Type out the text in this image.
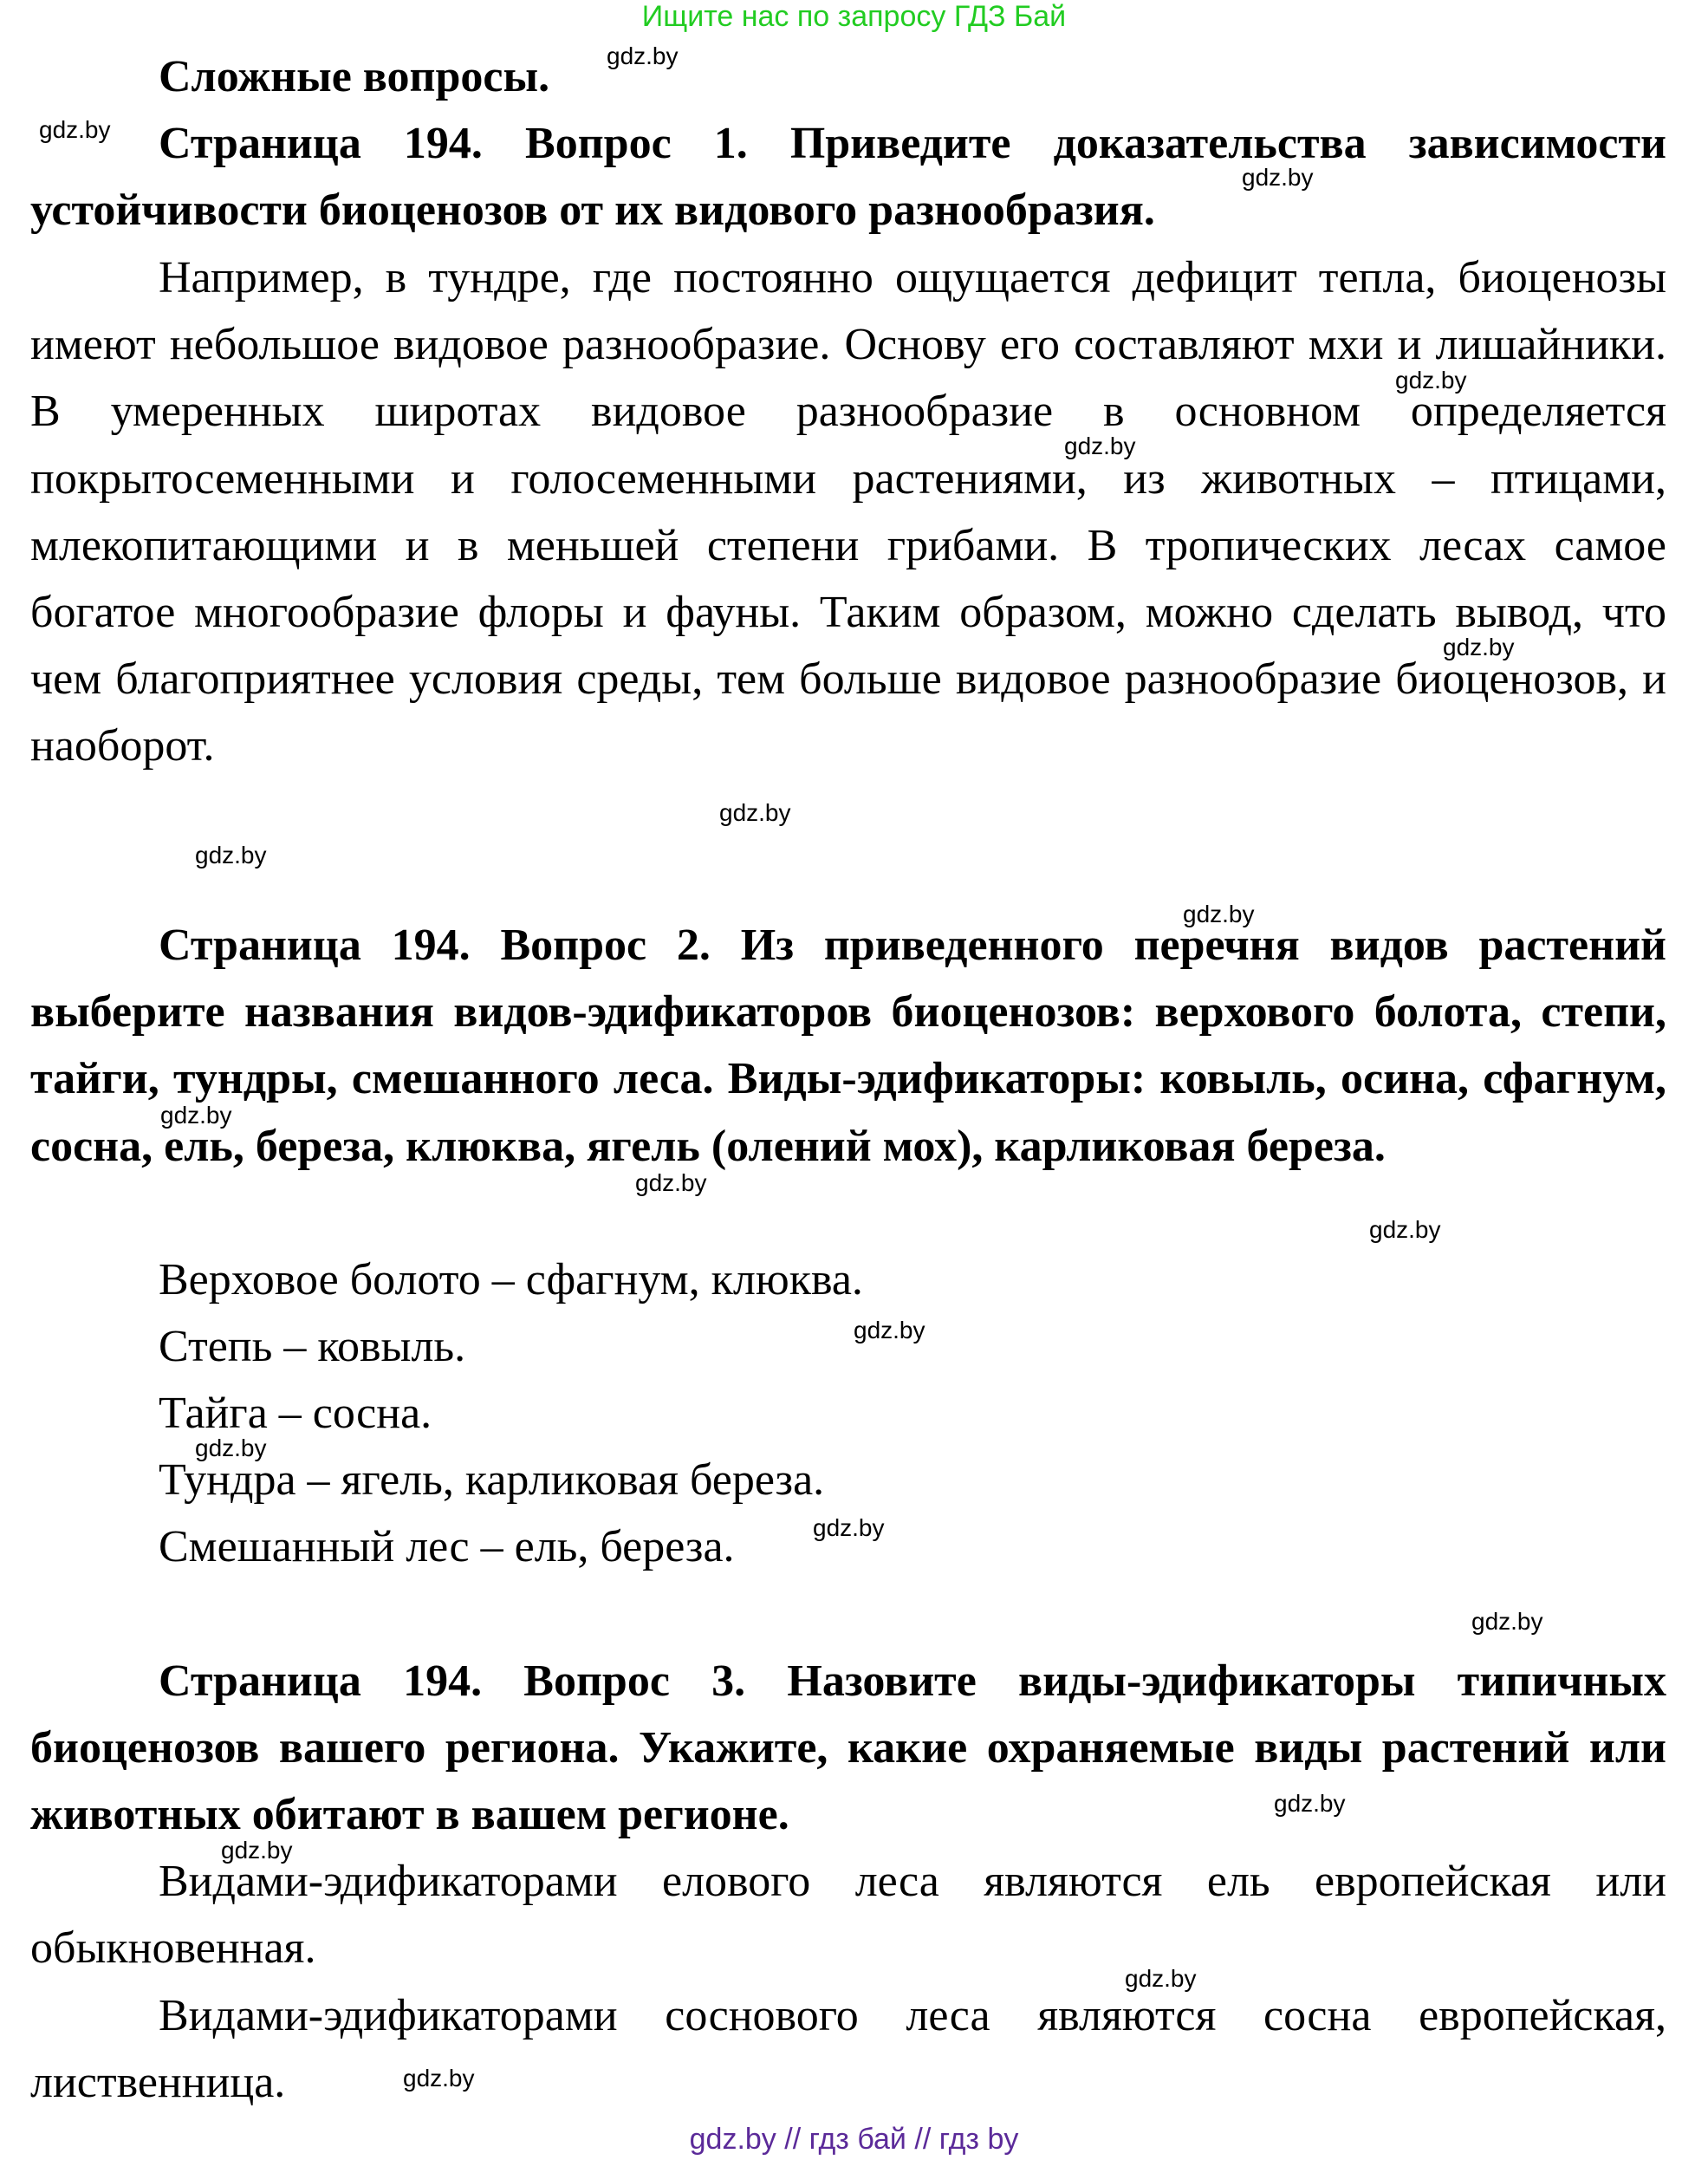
Ищите нас по запросу ГДЗ Бай

Сложные вопросы.

Страница 194. Вопрос 1. Приведите доказательства зависимости устойчивости биоценозов от их видового разнообразия.

Например, в тундре, где постоянно ощущается дефицит тепла, биоценозы имеют небольшое видовое разнообразие. Основу его составляют мхи и лишайники. В умеренных широтах видовое разнообразие в основном определяется покрытосеменными и голосеменными растениями, из животных – птицами, млекопитающими и в меньшей степени грибами. В тропических лесах самое богатое многообразие флоры и фауны. Таким образом, можно сделать вывод, что чем благоприятнее условия среды, тем больше видовое разнообразие биоценозов, и наоборот.

Страница 194. Вопрос 2. Из приведенного перечня видов растений выберите названия видов-эдификаторов биоценозов: верхового болота, степи, тайги, тундры, смешанного леса. Виды-эдификаторы: ковыль, осина, сфагнум, сосна, ель, береза, клюква, ягель (олений мох), карликовая береза.

Верховое болото – сфагнум, клюква.
Степь – ковыль.
Тайга – сосна.
Тундра – ягель, карликовая береза.
Смешанный лес – ель, береза.

Страница 194. Вопрос 3. Назовите виды-эдификаторы типичных биоценозов вашего региона. Укажите, какие охраняемые виды растений или животных обитают в вашем регионе.

Видами-эдификаторами елового леса являются ель европейская или обыкновенная.

Видами-эдификаторами соснового леса являются сосна европейская, лиственница.

gdz.by
gdz.by
gdz.by
gdz.by
gdz.by
gdz.by
gdz.by
gdz.by
gdz.by
gdz.by
gdz.by
gdz.by
gdz.by
gdz.by
gdz.by
gdz.by
gdz.by
gdz.by
gdz.by
gdz.by
gdz.by // гдз бай // гдз by
